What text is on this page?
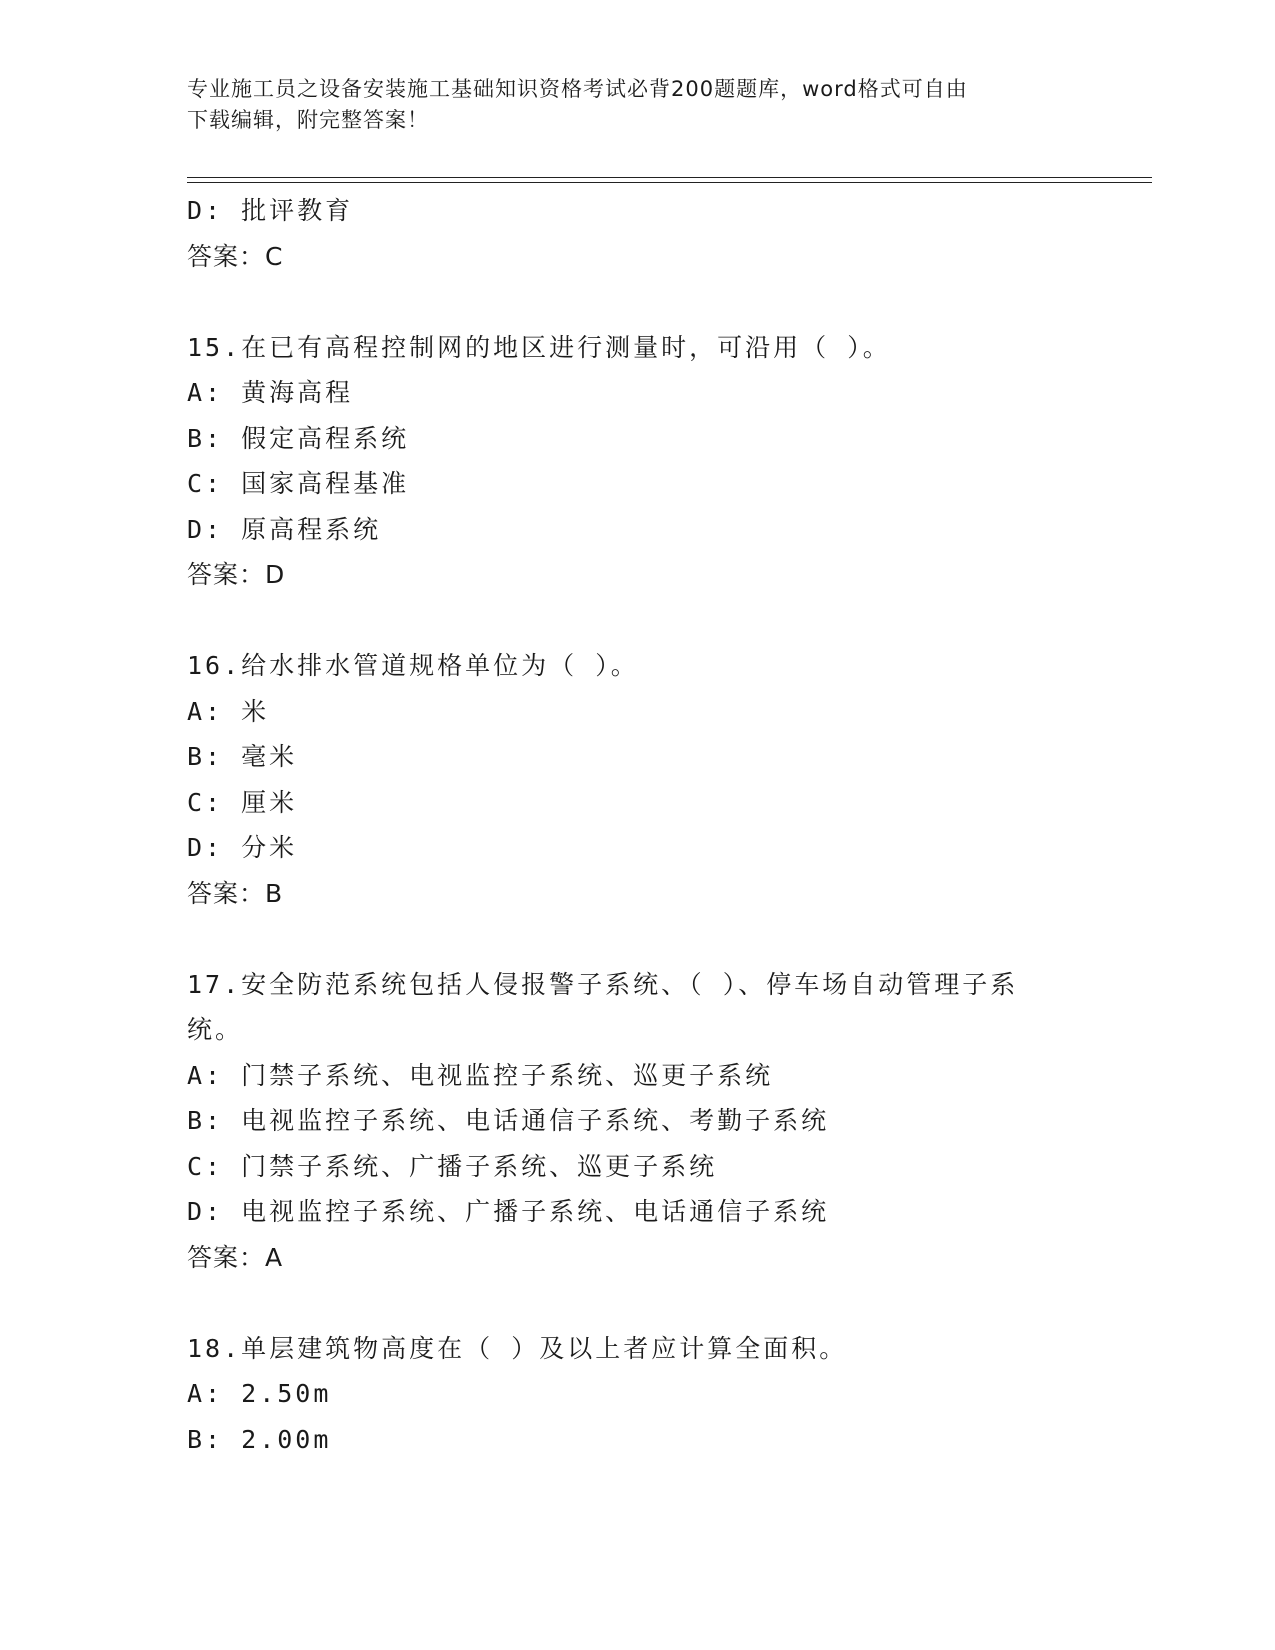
专业施工员之设备安装施工基础知识资格考试必背200题题库，word格式可自由
下载编辑，附完整答案！
D: 批评教育
答案：C
15.在已有高程控制网的地区进行测量时，可沿用（ ）。
A: 黄海高程
B: 假定高程系统
C: 国家高程基准
D: 原高程系统
答案：D
16.给水排水管道规格单位为（ ）。
A: 米
B: 毫米
C: 厘米
D: 分米
答案：B
17.安全防范系统包括人侵报警子系统、（ ）、停车场自动管理子系
统。
A: 门禁子系统、电视监控子系统、巡更子系统
B: 电视监控子系统、电话通信子系统、考勤子系统
C: 门禁子系统、广播子系统、巡更子系统
D: 电视监控子系统、广播子系统、电话通信子系统
答案：A
18.单层建筑物高度在（ ）及以上者应计算全面积。
A: 2.50m
B: 2.00m
